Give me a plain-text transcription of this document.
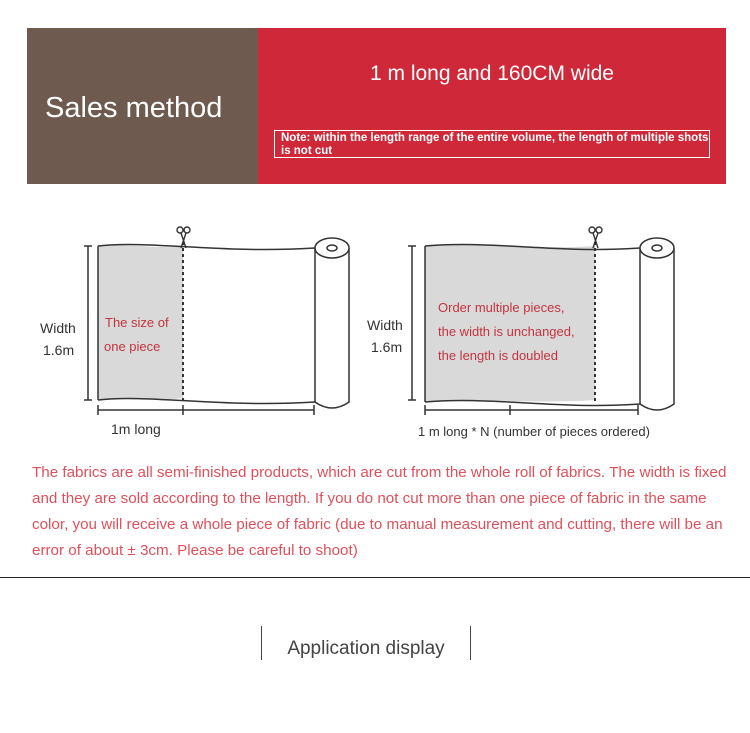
Sales method
1 m long and 160CM wide
Note: within the length range of the entire volume, the length of multiple shots is not cut
Width
1.6m
The size of
one piece
1m long
Width
1.6m
Order multiple pieces,
the width is unchanged,
the length is doubled
1 m long * N (number of pieces ordered)
The fabrics are all semi-finished products, which are cut from the whole roll of fabrics. The width is fixed and they are sold according to the length. If you do not cut more than one piece of fabric in the same color, you will receive a whole piece of fabric (due to manual measurement and cutting, there will be an error of about ± 3cm. Please be careful to shoot)
Application display
